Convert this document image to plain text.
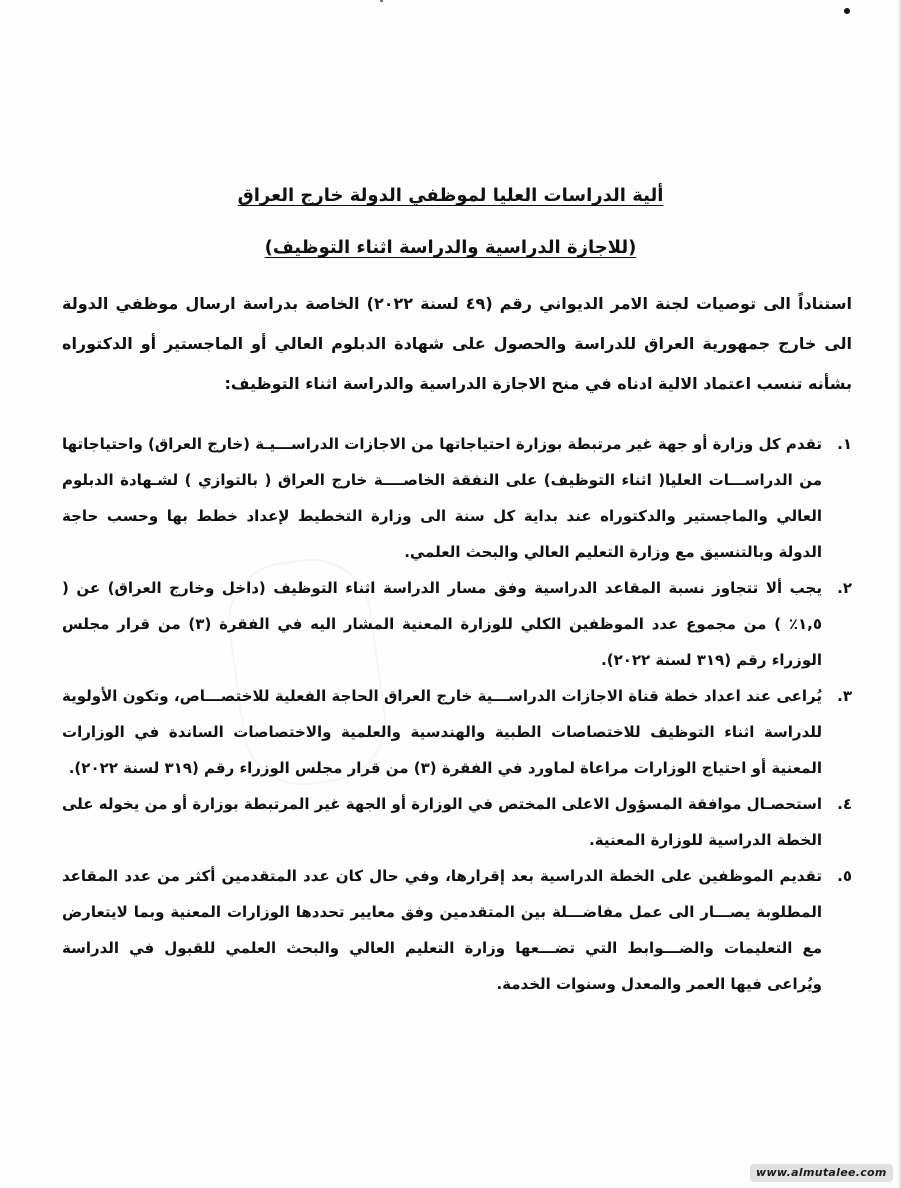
ألية الدراسات العليا لموظفي الدولة خارج العراق
(للاجازة الدراسية والدراسة اثناء التوظيف)
استناداً الى توصيات لجنة الامر الديواني رقم (٤٩ لسنة ٢٠٢٢) الخاصة بدراسة ارسال موظفي الدولة الى خارج جمهورية العراق للدراسة والحصول على شهادة الدبلوم العالي أو الماجستير أو الدكتوراه بشأنه تنسب اعتماد الالية ادناه في منح الاجازة الدراسية والدراسة اثناء التوظيف:
١.
تقدم كل وزارة أو جهة غير مرتبطة بوزارة احتياجاتها من الاجازات الدراســـيـة (خارج العراق) واحتياجاتها من الدراســـات العليا( اثناء التوظيف) على النفقة الخاصــــة خارج العراق ( بالتوازي ) لشـهادة الدبلوم العالي والماجستير والدكتوراه عند بداية كل سنة الى وزارة التخطيط لإعداد خطط بها وحسب حاجة الدولة وبالتنسيق مع وزارة التعليم العالي والبحث العلمي.
٢.
يجب ألا تتجاوز نسبة المقاعد الدراسية وفق مسار الدراسة اثناء التوظيف (داخل وخارج العراق) عن ( ١,٥٪ ) من مجموع عدد الموظفين الكلي للوزارة المعنية المشار اليه في الفقرة (٣) من قرار مجلس الوزراء رقم (٣١٩ لسنة ٢٠٢٢).
٣.
يُراعى عند اعداد خطة قناة الاجازات الدراســـية خارج العراق الحاجة الفعلية للاختصـــاص، وتكون الأولوية للدراسة اثناء التوظيف للاختصاصات الطبية والهندسية والعلمية والاختصاصات الساندة في الوزارات المعنية أو احتياج الوزارات مراعاة لماورد في الفقرة (٣) من قرار مجلس الوزراء رقم (٣١٩ لسنة ٢٠٢٢).
٤.
استحصـال موافقة المسؤول الاعلى المختص في الوزارة أو الجهة غير المرتبطة بوزارة أو من يخوله على الخطة الدراسية للوزارة المعنية.
٥.
تقديم الموظفين على الخطة الدراسية بعد إقرارها، وفي حال كان عدد المتقدمين أكثر من عدد المقاعد المطلوبة يصـــار الى عمل مفاضـــلة بين المتقدمين وفق معايير تحددها الوزارات المعنية وبما لايتعارض مع التعليمات والضـــوابط التي تضـــعها وزارة التعليم العالي والبحث العلمي للقبول في الدراسة ويُراعى فيها العمر والمعدل وسنوات الخدمة.
www.almutalee.com
